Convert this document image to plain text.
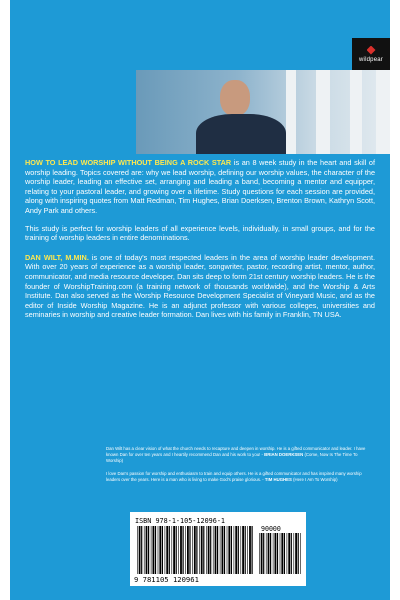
wildpear

HOW TO LEAD WORSHIP WITHOUT BEING A ROCK STAR is an 8 week study in the heart and skill of worship leading. Topics covered are: why we lead worship, defining our worship values, the character of the worship leader, leading an effective set, arranging and leading a band, becoming a mentor and equipper, relating to your pastoral leader, and growing over a lifetime. Study questions for each session are provided, along with inspiring quotes from Matt Redman, Tim Hughes, Brian Doerksen, Brenton Brown, Kathryn Scott, Andy Park and others.

This study is perfect for worship leaders of all experience levels, individually, in small groups, and for the training of worship leaders in entire denominations.

DAN WILT, M.MIN. is one of today's most respected leaders in the area of worship leader development. With over 20 years of experience as a worship leader, songwriter, pastor, recording artist, mentor, author, communicator, and media resource developer, Dan sits deep to form 21st century worship leaders. He is the founder of WorshipTraining.com (a training network of thousands worldwide), and the Worship & Arts Institute. Dan also served as the Worship Resource Development Specialist of Vineyard Music, and as the editor of Inside Worship Magazine. He is an adjunct professor with various colleges, universities and seminaries in worship and creative leader formation. Dan lives with his family in Franklin, TN USA.

Dan Wilt has a clear vision of what the church needs to recapture and deepen in worship. He is a gifted communicator and leader. I have known Dan for over ten years and I heartily recommend Dan and his work to you! - BRIAN DOERKSEN (Come, Now Is The Time To Worship)

I love Dan's passion for worship and enthusiasm to train and equip others. He is a gifted communicator and has inspired many worship leaders over the years. Here is a man who is living to make God's praise glorious. - TIM HUGHES (Here I Am To Worship)

ISBN 978-1-105-12096-1
90000
9 781105 120961
